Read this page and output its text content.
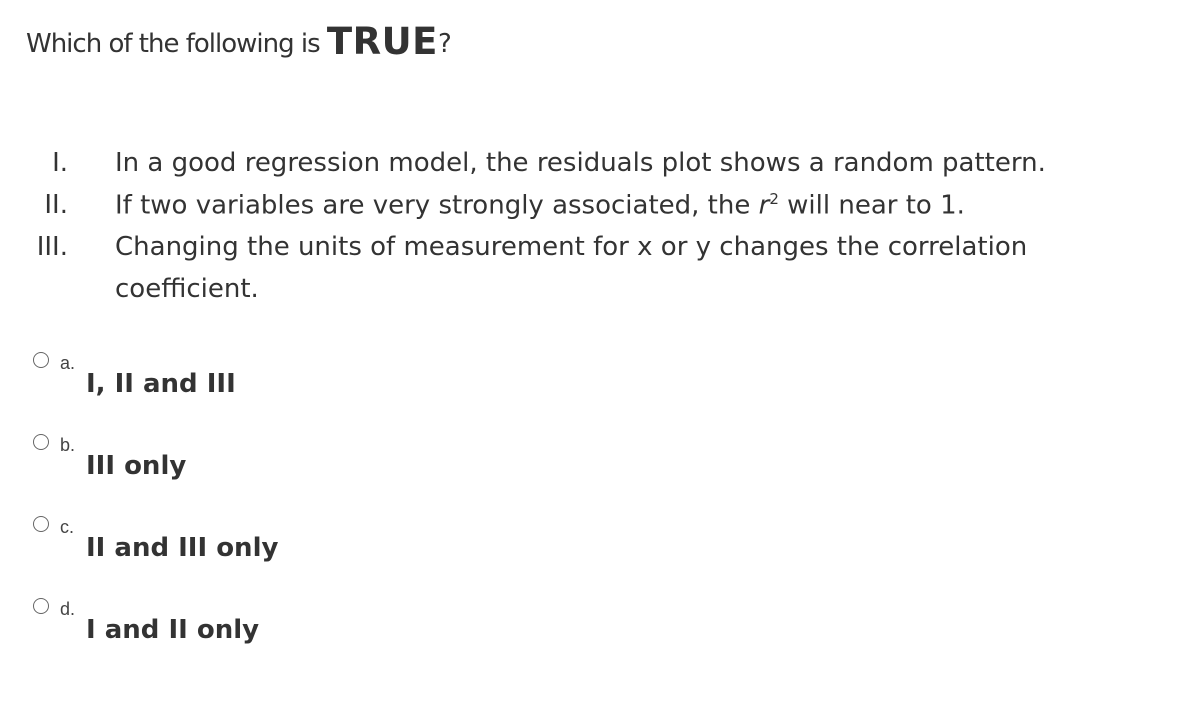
Which of the following is TRUE?
I. In a good regression model, the residuals plot shows a random pattern.
II. If two variables are very strongly associated, the $r^2$ will near to 1.
III. Changing the units of measurement for x or y changes the correlation
coefficient.
a.
I, II and III
b.
III only
c.
II and III only
d.
I and II only
